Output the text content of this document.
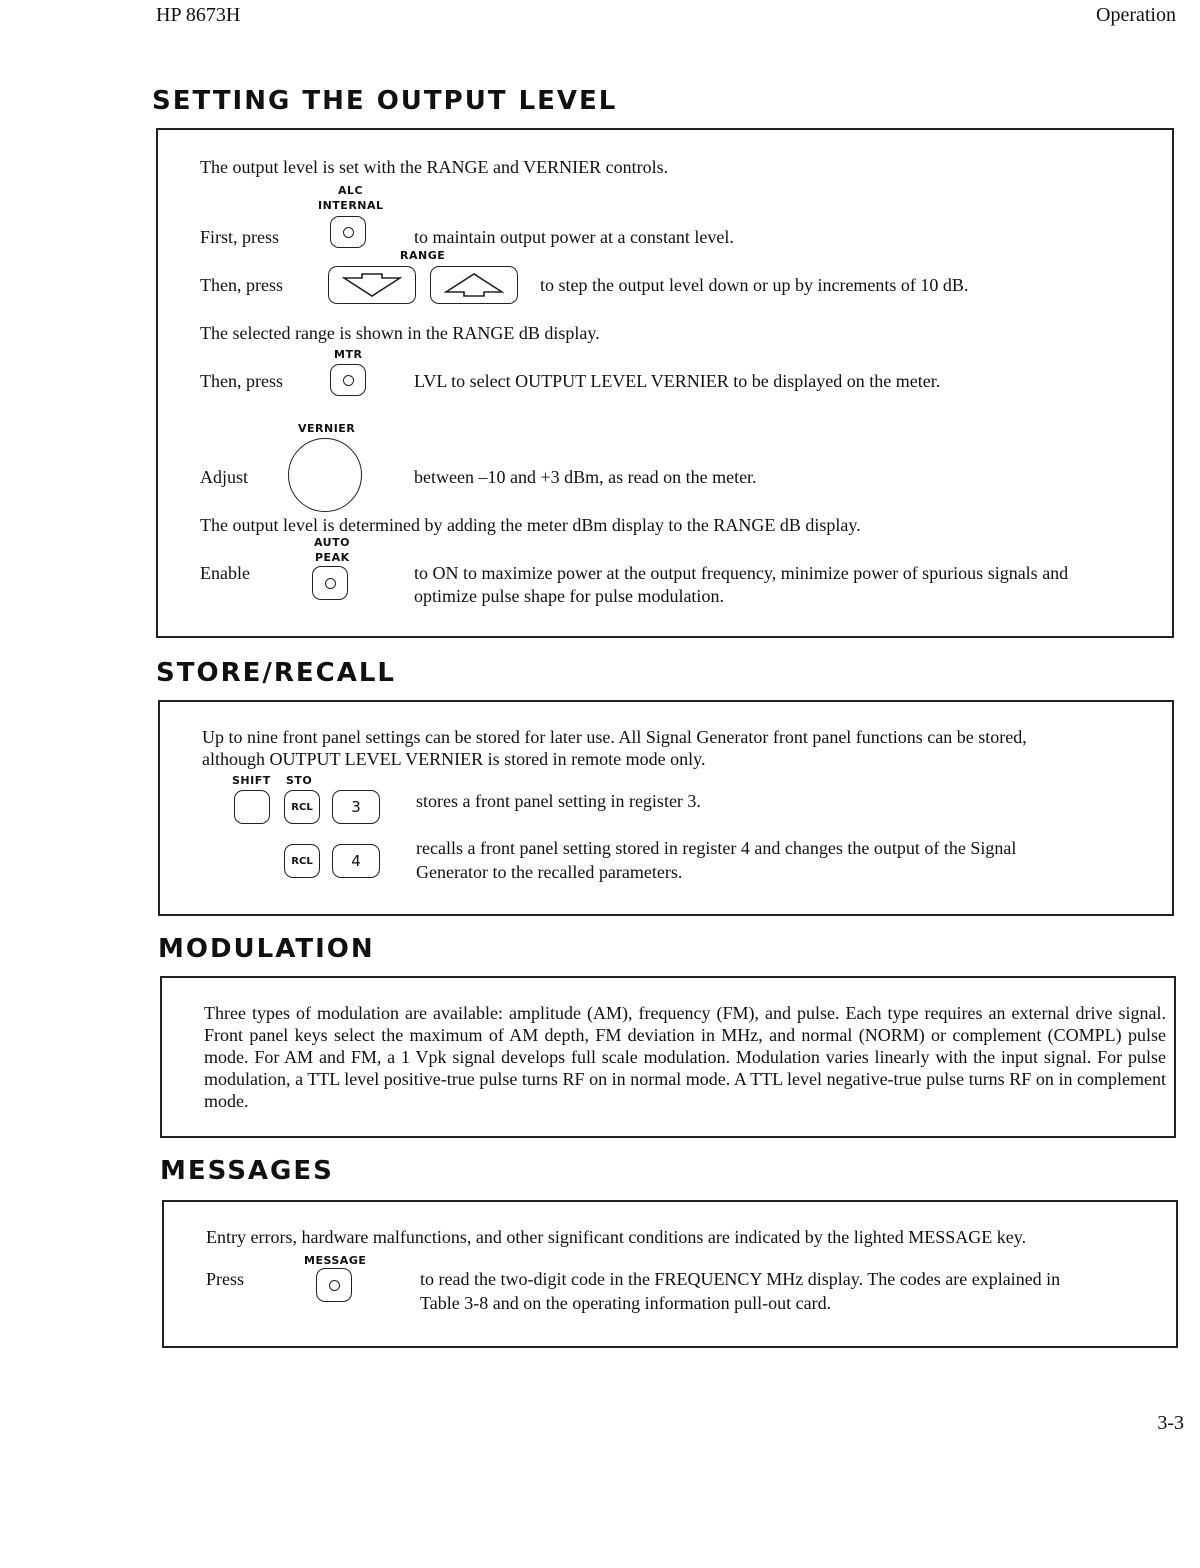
HP 8673H	Operation
SETTING THE OUTPUT LEVEL
The output level is set with the RANGE and VERNIER controls.
ALC
INTERNAL
First, press	to maintain output power at a constant level.
RANGE
Then, press	to step the output level down or up by increments of 10 dB.
The selected range is shown in the RANGE dB display.
MTR
Then, press	LVL to select OUTPUT LEVEL VERNIER to be displayed on the meter.
VERNIER
Adjust	between –10 and +3 dBm, as read on the meter.
The output level is determined by adding the meter dBm display to the RANGE dB display.
AUTO
PEAK
Enable	to ON to maximize power at the output frequency, minimize power of spurious signals and
optimize pulse shape for pulse modulation.
STORE/RECALL
Up to nine front panel settings can be stored for later use. All Signal Generator front panel functions can be stored,
although OUTPUT LEVEL VERNIER is stored in remote mode only.
SHIFT STO
RCL	3	stores a front panel setting in register 3.
RCL	4
recalls a front panel setting stored in register 4 and changes the output of the Signal
Generator to the recalled parameters.
MODULATION
Three types of modulation are available: amplitude (AM), frequency (FM), and pulse. Each type requires an external drive signal. Front panel keys select the maximum of AM depth, FM deviation in MHz, and normal (NORM) or complement (COMPL) pulse mode. For AM and FM, a 1 Vpk signal develops full scale modulation. Modulation varies linearly with the input signal. For pulse modulation, a TTL level positive-true pulse turns RF on in normal mode. A TTL level negative-true pulse turns RF on in complement mode.
MESSAGES
Entry errors, hardware malfunctions, and other significant conditions are indicated by the lighted MESSAGE key.
MESSAGE
Press	to read the two-digit code in the FREQUENCY MHz display. The codes are explained in
Table 3-8 and on the operating information pull-out card.
3-3
